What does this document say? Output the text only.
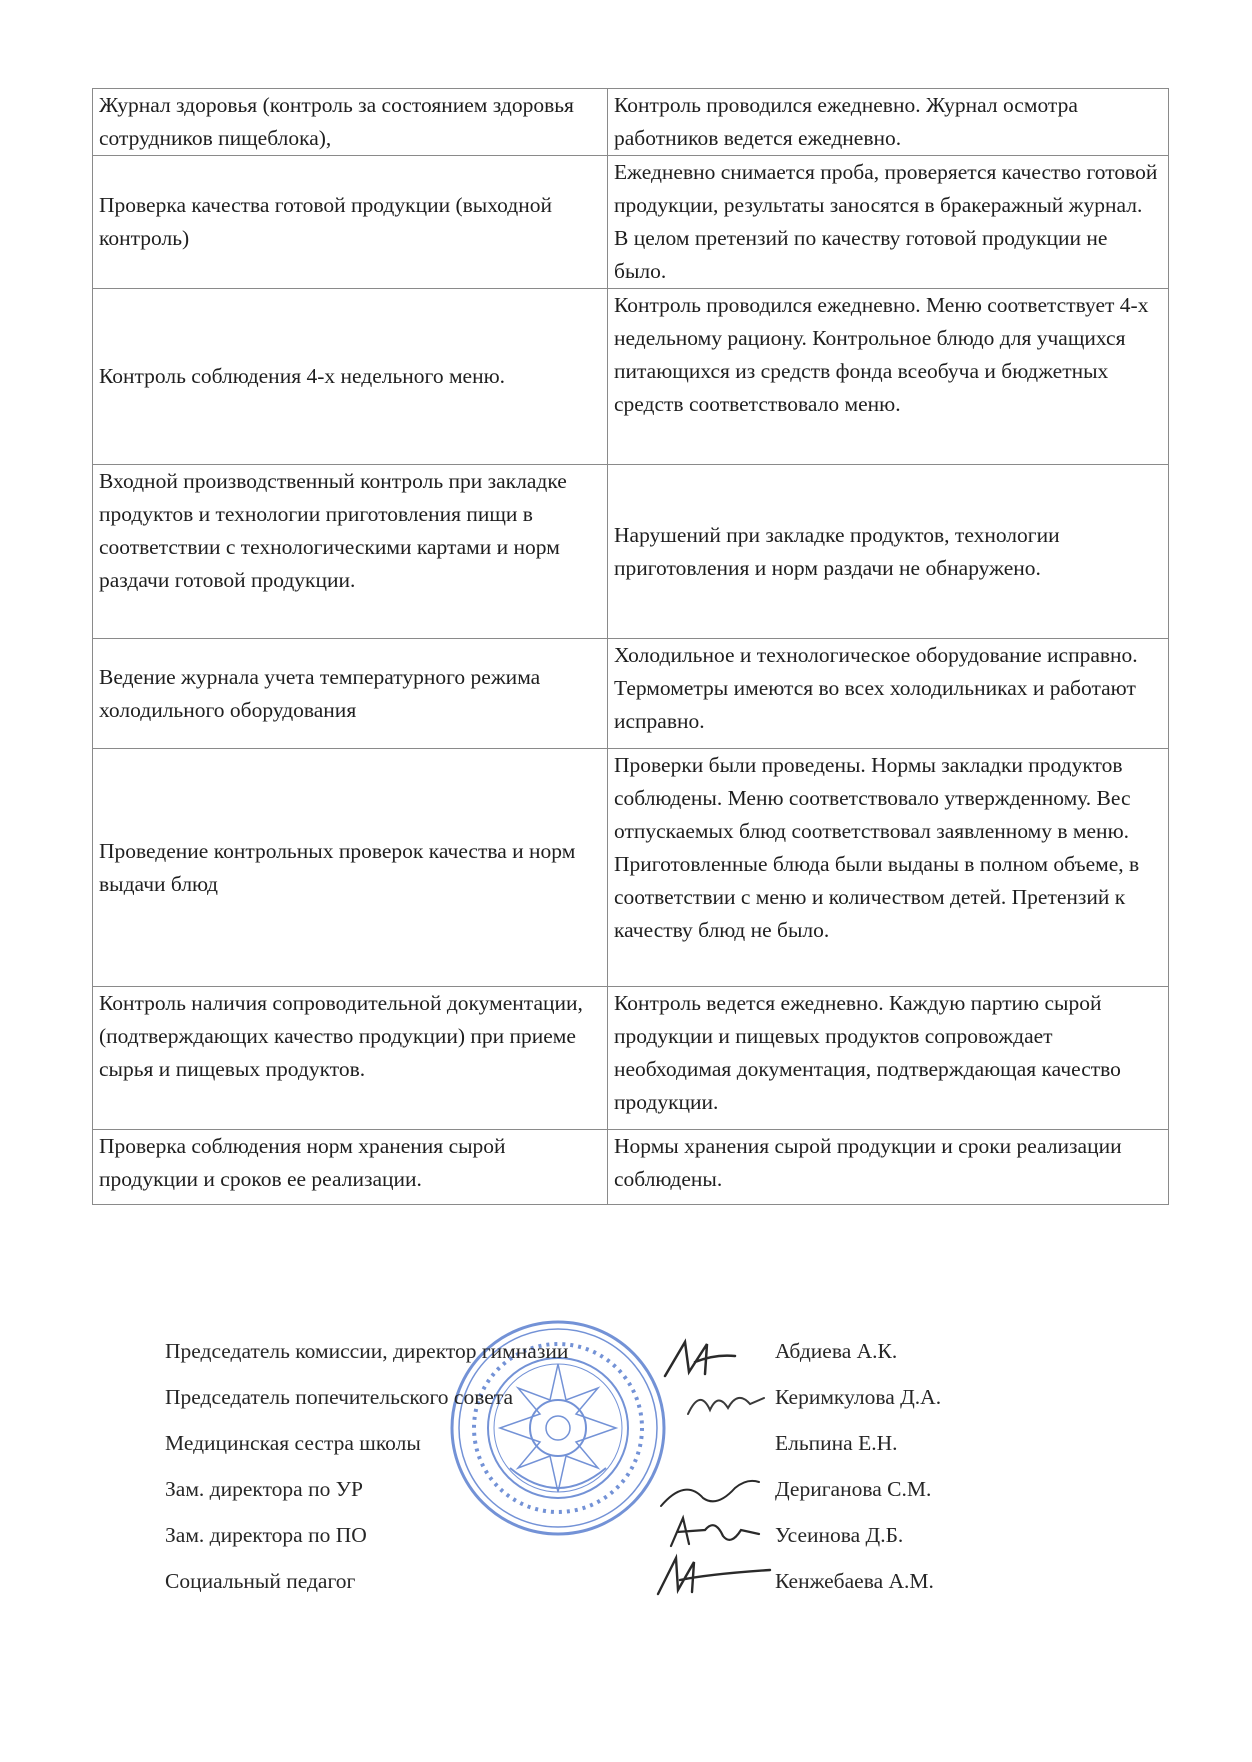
Журнал здоровья (контроль за состоянием здоровья сотрудников пищеблока),	Контроль проводился ежедневно. Журнал осмотра работников ведется ежедневно.
Проверка качества готовой продукции (выходной контроль)	Ежедневно снимается проба, проверяется качество готовой продукции, результаты заносятся в бракеражный журнал. В целом претензий по качеству готовой продукции не было.
Контроль соблюдения 4-х недельного меню.	Контроль проводился ежедневно. Меню соответствует 4-х недельному рациону. Контрольное блюдо для учащихся питающихся из средств фонда всеобуча и бюджетных средств соответствовало меню.
Входной производственный контроль при закладке продуктов и технологии приготовления пищи в соответствии с технологическими картами и норм раздачи готовой продукции.	Нарушений при закладке продуктов, технологии приготовления и норм раздачи не обнаружено.
Ведение журнала учета температурного режима холодильного оборудования	Холодильное и технологическое оборудование исправно. Термометры имеются во всех холодильниках и работают исправно.
Проведение контрольных проверок качества и норм выдачи блюд	Проверки были проведены. Нормы закладки продуктов соблюдены. Меню соответствовало утвержденному. Вес отпускаемых блюд соответствовал заявленному в меню. Приготовленные блюда были выданы в полном объеме, в соответствии с меню и количеством детей. Претензий к качеству блюд не было.
Контроль наличия сопроводительной документации, (подтверждающих качество продукции) при приеме сырья и пищевых продуктов.	Контроль ведется ежедневно. Каждую партию сырой продукции и пищевых продуктов сопровождает необходимая документация, подтверждающая качество продукции.
Проверка соблюдения норм хранения сырой продукции и сроков ее реализации.	Нормы хранения сырой продукции и сроки реализации соблюдены.
Председатель комиссии, директор гимназии	Абдиева А.К.
Председатель попечительского совета	Керимкулова Д.А.
Медицинская сестра школы	Ельпина Е.Н.
Зам. директора по УР	Дериганова С.М.
Зам. директора по ПО	Усеинова Д.Б.
Социальный педагог	Кенжебаева А.М.
